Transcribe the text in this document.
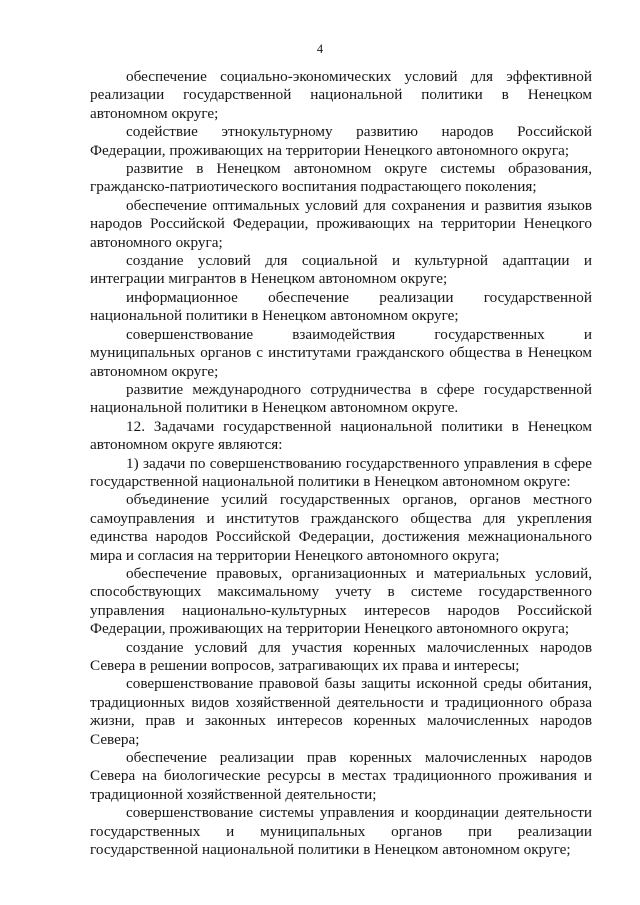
4

обеспечение социально-экономических условий для эффективной реализации государственной национальной политики в Ненецком автономном округе;

содействие этнокультурному развитию народов Российской Федерации, проживающих на территории Ненецкого автономного округа;

развитие в Ненецком автономном округе системы образования, гражданско-патриотического воспитания подрастающего поколения;

обеспечение оптимальных условий для сохранения и развития языков народов Российской Федерации, проживающих на территории Ненецкого автономного округа;

создание условий для социальной и культурной адаптации и интеграции мигрантов в Ненецком автономном округе;

информационное обеспечение реализации государственной национальной политики в Ненецком автономном округе;

совершенствование взаимодействия государственных и муниципальных органов с институтами гражданского общества в Ненецком автономном округе;

развитие международного сотрудничества в сфере государственной национальной политики в Ненецком автономном округе.

12. Задачами государственной национальной политики в Ненецком автономном округе являются:

1) задачи по совершенствованию государственного управления в сфере государственной национальной политики в Ненецком автономном округе:

объединение усилий государственных органов, органов местного самоуправления и институтов гражданского общества для укрепления единства народов Российской Федерации, достижения межнационального мира и согласия на территории Ненецкого автономного округа;

обеспечение правовых, организационных и материальных условий, способствующих максимальному учету в системе государственного управления национально-культурных интересов народов Российской Федерации, проживающих на территории Ненецкого автономного округа;

создание условий для участия коренных малочисленных народов Севера в решении вопросов, затрагивающих их права и интересы;

совершенствование правовой базы защиты исконной среды обитания, традиционных видов хозяйственной деятельности и традиционного образа жизни, прав и законных интересов коренных малочисленных народов Севера;

обеспечение реализации прав коренных малочисленных народов Севера на биологические ресурсы в местах традиционного проживания и традиционной хозяйственной деятельности;

совершенствование системы управления и координации деятельности государственных и муниципальных органов при реализации государственной национальной политики в Ненецком автономном округе;
